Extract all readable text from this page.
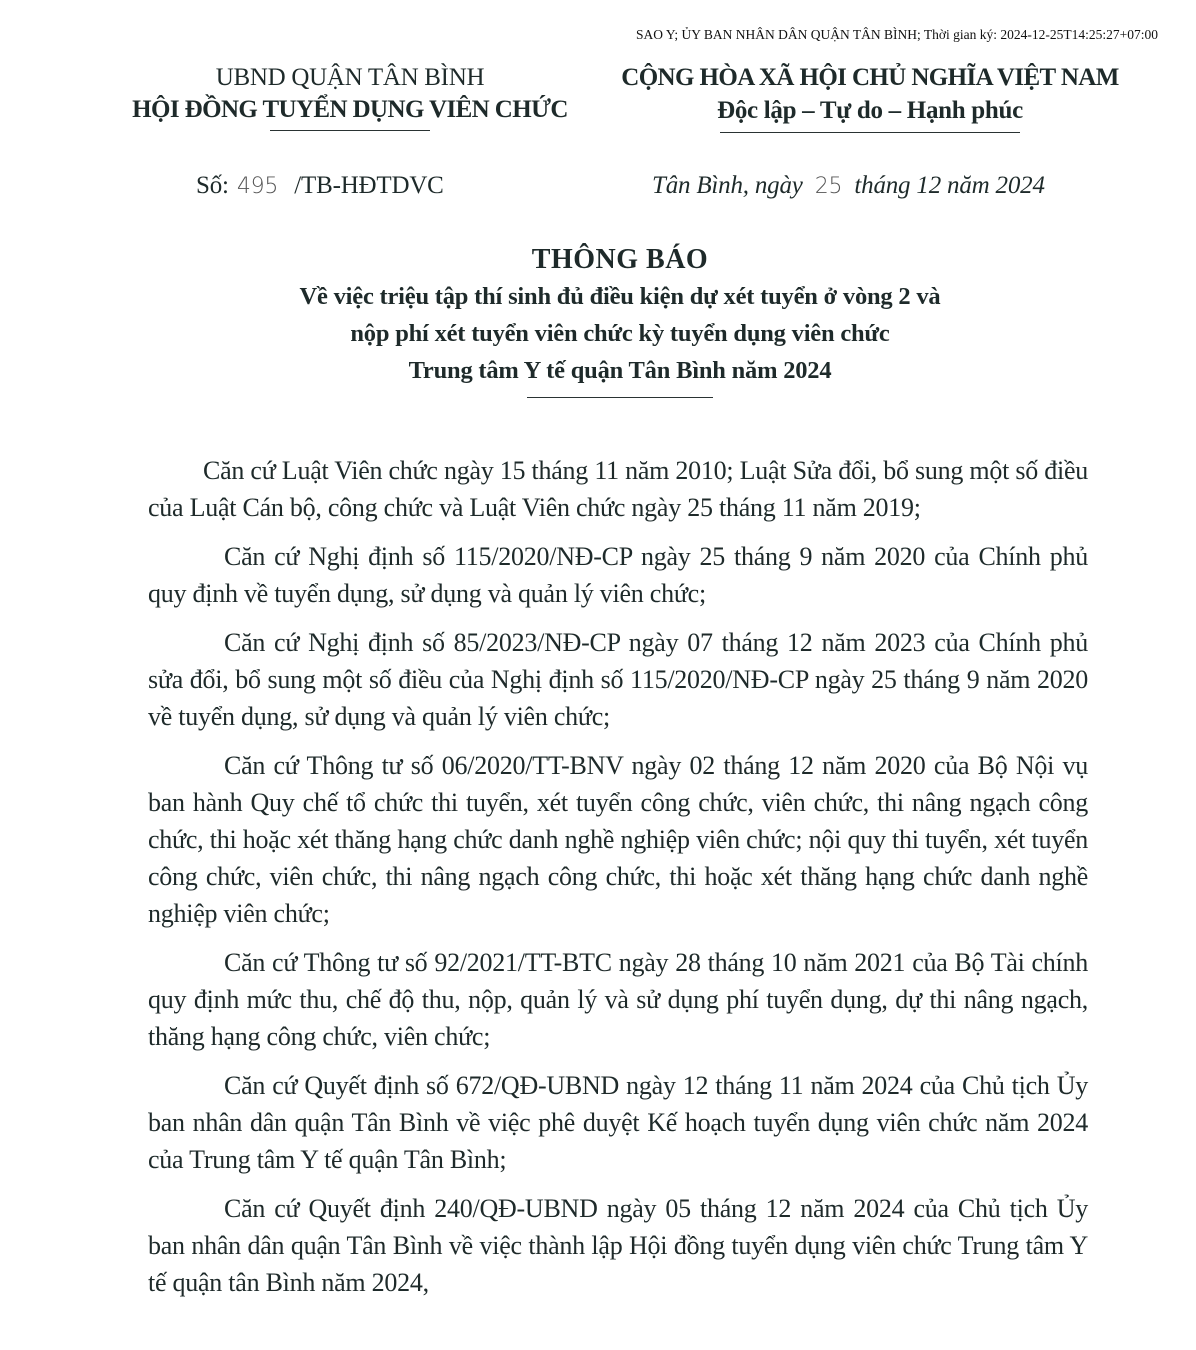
SAO Y; ỦY BAN NHÂN DÂN QUẬN TÂN BÌNH; Thời gian ký: 2024-12-25T14:25:27+07:00
UBND QUẬN TÂN BÌNH
HỘI ĐỒNG TUYỂN DỤNG VIÊN CHỨC
CỘNG HÒA XÃ HỘI CHỦ NGHĨA VIỆT NAM
Độc lập – Tự do – Hạnh phúc
Số: 495 /TB-HĐTDVC	Tân Bình, ngày 25 tháng 12 năm 2024
THÔNG BÁO
Về việc triệu tập thí sinh đủ điều kiện dự xét tuyển ở vòng 2 và
nộp phí xét tuyển viên chức kỳ tuyển dụng viên chức
Trung tâm Y tế quận Tân Bình năm 2024

Căn cứ Luật Viên chức ngày 15 tháng 11 năm 2010; Luật Sửa đổi, bổ sung một số điều của Luật Cán bộ, công chức và Luật Viên chức ngày 25 tháng 11 năm 2019;

Căn cứ Nghị định số 115/2020/NĐ-CP ngày 25 tháng 9 năm 2020 của Chính phủ quy định về tuyển dụng, sử dụng và quản lý viên chức;

Căn cứ Nghị định số 85/2023/NĐ-CP ngày 07 tháng 12 năm 2023 của Chính phủ sửa đổi, bổ sung một số điều của Nghị định số 115/2020/NĐ-CP ngày 25 tháng 9 năm 2020 về tuyển dụng, sử dụng và quản lý viên chức;

Căn cứ Thông tư số 06/2020/TT-BNV ngày 02 tháng 12 năm 2020 của Bộ Nội vụ ban hành Quy chế tổ chức thi tuyển, xét tuyển công chức, viên chức, thi nâng ngạch công chức, thi hoặc xét thăng hạng chức danh nghề nghiệp viên chức; nội quy thi tuyển, xét tuyển công chức, viên chức, thi nâng ngạch công chức, thi hoặc xét thăng hạng chức danh nghề nghiệp viên chức;

Căn cứ Thông tư số 92/2021/TT-BTC ngày 28 tháng 10 năm 2021 của Bộ Tài chính quy định mức thu, chế độ thu, nộp, quản lý và sử dụng phí tuyển dụng, dự thi nâng ngạch, thăng hạng công chức, viên chức;

Căn cứ Quyết định số 672/QĐ-UBND ngày 12 tháng 11 năm 2024 của Chủ tịch Ủy ban nhân dân quận Tân Bình về việc phê duyệt Kế hoạch tuyển dụng viên chức năm 2024 của Trung tâm Y tế quận Tân Bình;

Căn cứ Quyết định 240/QĐ-UBND ngày 05 tháng 12 năm 2024 của Chủ tịch Ủy ban nhân dân quận Tân Bình về việc thành lập Hội đồng tuyển dụng viên chức Trung tâm Y tế quận tân Bình năm 2024,
